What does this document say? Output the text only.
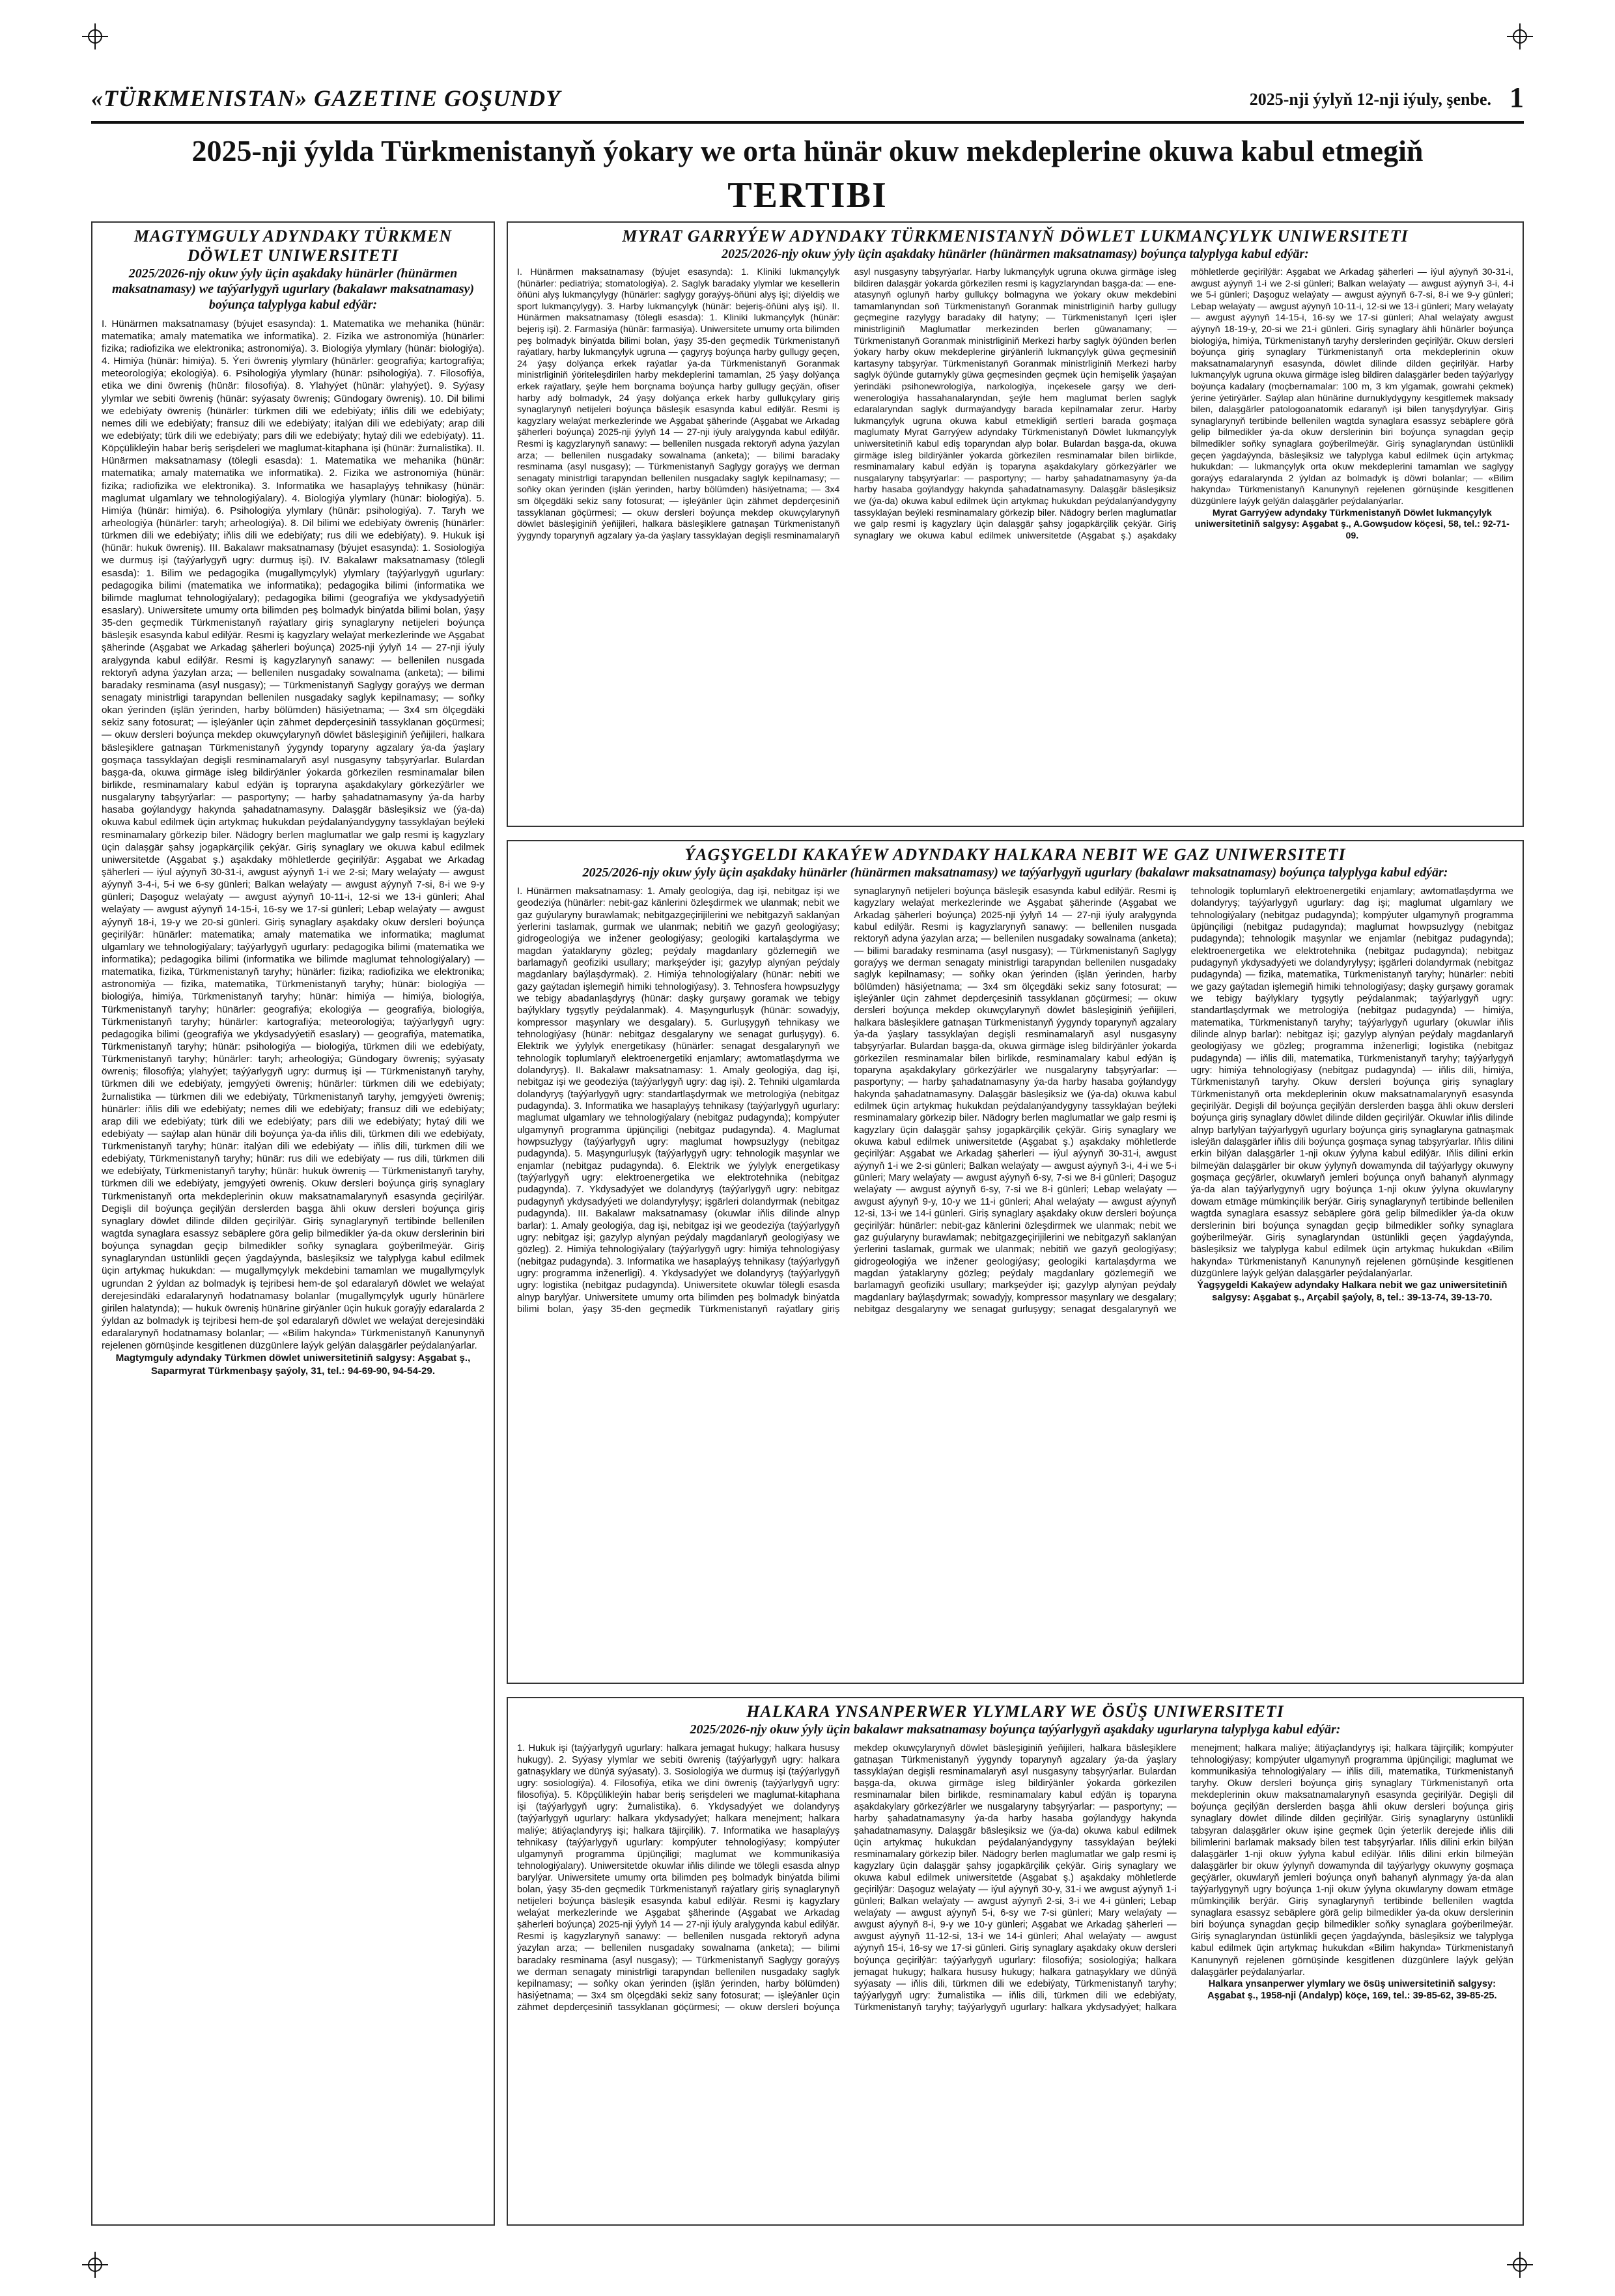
«TÜRKMENISTAN» GAZETINE GOŞUNDY	2025-nji ýylyň 12-nji iýuly, şenbe. 1
2025-nji ýylda Türkmenistanyň ýokary we orta hünär okuw mekdeplerine okuwa kabul etmegiň
TERTIBI
MAGTYMGULY ADYNDAKY TÜRKMEN DÖWLET UNIWERSITETI
2025/2026-njy okuw ýyly üçin aşakdaky hünärler (hünärmen maksatnamasy) we taýýarlygyň ugurlary (bakalawr maksatnamasy) boýunça talyplyga kabul edýär:

I. Hünärmen maksatnamasy (býujet esasynda): 1. Matematika we mehanika (hünär: matematika; amaly matematika we informatika). 2. Fizika we astronomiýa (hünärler: fizika; radiofizika we elektronika; astronomiýa). 3. Biologiýa ylymlary (hünär: biologiýa). 4. Himiýa (hünär: himiýa). 5. Ýeri öwreniş ylymlary (hünärler: geografiýa; kartografiýa; meteorologiýa; ekologiýa). 6. Psihologiýa ylymlary (hünär: psihologiýa). 7. Filosofiýa, etika we dini öwreniş (hünär: filosofiýa). 8. Ylahyýet (hünär: ylahyýet). 9. Syýasy ylymlar we sebiti öwreniş (hünär: syýasaty öwreniş; Gündogary öwreniş). 10. Dil bilimi we edebiýaty öwreniş (hünärler: türkmen dili we edebiýaty; iňlis dili we edebiýaty; nemes dili we edebiýaty; fransuz dili we edebiýaty; italýan dili we edebiýaty; arap dili we edebiýaty; türk dili we edebiýaty; pars dili we edebiýaty; hytaý dili we edebiýaty). 11. Köpçülikleýin habar beriş serişdeleri we maglumat-kitaphana işi (hünär: žurnalistika). II. Hünärmen maksatnamasy (tölegli esasda): 1. Matematika we mehanika (hünär: matematika; amaly matematika we informatika). 2. Fizika we astronomiýa (hünär: fizika; radiofizika we elektronika). 3. Informatika we hasaplaýyş tehnikasy (hünär: maglumat ulgamlary we tehnologiýalary). 4. Biologiýa ylymlary (hünär: biologiýa). 5. Himiýa (hünär: himiýa). 6. Psihologiýa ylymlary (hünär: psihologiýa). 7. Taryh we arheologiýa (hünärler: taryh; arheologiýa). 8. Dil bilimi we edebiýaty öwreniş (hünärler: türkmen dili we edebiýaty; iňlis dili we edebiýaty; rus dili we edebiýaty). 9. Hukuk işi (hünär: hukuk öwreniş). III. Bakalawr maksatnamasy (býujet esasynda): 1. Sosiologiýa we durmuş işi (taýýarlygyň ugry: durmuş işi). IV. Bakalawr maksatnamasy (tölegli esasda): 1. Bilim we pedagogika (mugallymçylyk) ylymlary (taýýarlygyň ugurlary: pedagogika bilimi (matematika we informatika); pedagogika bilimi (informatika we bilimde maglumat tehnologiýalary); pedagogika bilimi (geografiýa we ykdysadyýetiň esaslary). Uniwersitete umumy orta bilimden peş bolmadyk binýatda bilimi bolan, ýaşy 35-den geçmedik Türkmenistanyň raýatlary giriş synaglaryny netijeleri boýunça bäsleşik esasynda kabul edilýär. Resmi iş kagyzlary welaýat merkezlerinde we Aşgabat şäherinde (Aşgabat we Arkadag şäherleri boýunça) 2025-nji ýylyň 14 — 27-nji iýuly aralygynda kabul edilýär. Resmi iş kagyzlarynyň sanawy: — bellenilen nusgada rektoryň adyna ýazylan arza; — bellenilen nusgadaky sowalnama (anketa); — bilimi baradaky resminama (asyl nusgasy); — Türkmenistanyň Saglygy goraýyş we derman senagaty ministrligi tarapyndan bellenilen nusgadaky saglyk kepilnamasy; — soňky okan ýerinden (işlän ýerinden, harby bölümden) häsiýetnama; — 3x4 sm ölçegdäki sekiz sany fotosurat; — işleýänler üçin zähmet depderçesiniň tassyklanan göçürmesi; — okuw dersleri boýunça mekdep okuwçylarynyň döwlet bäsleşiginiň ýeňijileri, halkara bäsleşiklere gatnaşan Türkmenistanyň ýygyndy toparyny agzalary ýa-da ýaşlary goşmaça tassyklaýan degişli resminamalaryň asyl nusgasyny tabşyrýarlar. Bulardan başga-da, okuwa girmäge isleg bildirýänler ýokarda görkezilen resminamalar bilen birlikde, resminamalary kabul edýän iş topraryna aşakdakylary görkezýärler we nusgalaryny tabşyrýarlar: — pasportyny; — harby şahadatnamasyny ýa-da harby hasaba goýlandygy hakynda şahadatnamasyny. Dalaşgär bäsleşiksiz we (ýa-da) okuwa kabul edilmek üçin artykmaç hukukdan peýdalanýandygyny tassyklaýan beýleki resminamalary görkezip biler. Nädogry berlen maglumatlar we galp resmi iş kagyzlary üçin dalaşgär şahsy jogapkärçilik çekýär. Giriş synaglary we okuwa kabul edilmek uniwersitetde (Aşgabat ş.) aşakdaky möhletlerde geçirilýär: Aşgabat we Arkadag şäherleri — iýul aýynyň 30-31-i, awgust aýynyň 1-i we 2-si; Mary welaýaty — awgust aýynyň 3-4-i, 5-i we 6-sy günleri; Balkan welaýaty — awgust aýynyň 7-si, 8-i we 9-y günleri; Daşoguz welaýaty — awgust aýynyň 10-11-i, 12-si we 13-i günleri; Ahal welaýaty — awgust aýynyň 14-15-i, 16-sy we 17-si günleri; Lebap welaýaty — awgust aýynyň 18-i, 19-y we 20-si günleri. Giriş synaglary aşakdaky okuw dersleri boýunça geçirilýär: hünärler: matematika; amaly matematika we informatika; maglumat ulgamlary we tehnologiýalary; taýýarlygyň ugurlary: pedagogika bilimi (matematika we informatika); pedagogika bilimi (informatika we bilimde maglumat tehnologiýalary) — matematika, fizika, Türkmenistanyň taryhy; hünärler: fizika; radiofizika we elektronika; astronomiýa — fizika, matematika, Türkmenistanyň taryhy; hünär: biologiýa — biologiýa, himiýa, Türkmenistanyň taryhy; hünär: himiýa — himiýa, biologiýa, Türkmenistanyň taryhy; hünärler: geografiýa; ekologiýa — geografiýa, biologiýa, Türkmenistanyň taryhy; hünärler: kartografiýa; meteorologiýa; taýýarlygyň ugry: pedagogika bilimi (geografiýa we ykdysadyýetiň esaslary) — geografiýa, matematika, Türkmenistanyň taryhy; hünär: psihologiýa — biologiýa, türkmen dili we edebiýaty, Türkmenistanyň taryhy; hünärler: taryh; arheologiýa; Gündogary öwreniş; syýasaty öwreniş; filosofiýa; ylahyýet; taýýarlygyň ugry: durmuş işi — Türkmenistanyň taryhy, türkmen dili we edebiýaty, jemgyýeti öwreniş; hünärler: türkmen dili we edebiýaty; žurnalistika — türkmen dili we edebiýaty, Türkmenistanyň taryhy, jemgyýeti öwreniş; hünärler: iňlis dili we edebiýaty; nemes dili we edebiýaty; fransuz dili we edebiýaty; arap dili we edebiýaty; türk dili we edebiýaty; pars dili we edebiýaty; hytaý dili we edebiýaty — saýlap alan hünär dili boýunça ýa-da iňlis dili, türkmen dili we edebiýaty, Türkmenistanyň taryhy; hünär: italýan dili we edebiýaty — iňlis dili, türkmen dili we edebiýaty, Türkmenistanyň taryhy; hünär: rus dili we edebiýaty — rus dili, türkmen dili we edebiýaty, Türkmenistanyň taryhy; hünär: hukuk öwreniş — Türkmenistanyň taryhy, türkmen dili we edebiýaty, jemgyýeti öwreniş. Okuw dersleri boýunça giriş synaglary Türkmenistanyň orta mekdeplerinin okuw maksatnamalarynyň esasynda geçirilýär. Degişli dil boýunça geçilýän derslerden başga ähli okuw dersleri boýunça giriş synaglary döwlet dilinde dilden geçirilýär. Giriş synaglarynyň tertibinde bellenilen wagtda synaglara esassyz sebäplere göra gelip bilmedikler ýa-da okuw derslerinin biri boýunça synagdan geçip bilmedikler soňky synaglara goýberilmeýär. Giriş synaglaryndan üstünlikli geçen ýagdaýynda, bäsleşiksiz we talyplyga kabul edilmek üçin artykmaç hukukdan: — mugallymçylyk mekdebini tamamlan we mugallymçylyk ugrundan 2 ýyldan az bolmadyk iş tejribesi hem-de şol edaralaryň döwlet we welaýat derejesindäki edaralarynyň hodatnamasy bolanlar (mugallymçylyk ugurly hünärlere girilen halatynda); — hukuk öwreniş hünärine girýänler üçin hukuk goraýjy edaralarda 2 ýyldan az bolmadyk iş tejribesi hem-de şol edaralaryň döwlet we welaýat derejesindäki edaralarynyň hodatnamasy bolanlar; — «Bilim hakynda» Türkmenistanyň Kanunynyň rejelenen görnüşinde kesgitlenen düzgünlere laýyk gelýän dalaşgärler peýdalanýarlar.

Magtymguly adyndaky Türkmen döwlet uniwersitetiniň salgysy: Aşgabat ş., Saparmyrat Türkmenbaşy şaýoly, 31, tel.: 94-69-90, 94-54-29.

MYRAT GARRYÝEW ADYNDAKY TÜRKMENISTANYŇ DÖWLET LUKMANÇYLYK UNIWERSITETI
2025/2026-njy okuw ýyly üçin aşakdaky hünärler (hünärmen maksatnamasy) boýunça talyplyga kabul edýär:

I. Hünärmen maksatnamasy (býujet esasynda): 1. Kliniki lukmançylyk (hünärler: pediatriýa; stomatologiýa). 2. Saglyk baradaky ylymlar we kesellerin öňüni alyş lukmançylygy (hünärler: saglygy goraýyş-öňüni alyş işi; diýeldiş we sport lukmançylygy). 3. Harby lukmançylyk (hünär: bejeriş-öňüni alyş işi). II. Hünärmen maksatnamasy (tölegli esasda): 1. Kliniki lukmançylyk (hünär: bejeriş işi). 2. Farmasiýa (hünär: farmasiýa). Uniwersitete umumy orta bilimden peş bolmadyk binýatda bilimi bolan, ýaşy 35-den geçmedik Türkmenistanyň raýatlary, harby lukmançylyk ugruna — çagyryş boýunça harby gullugy geçen, 24 ýaşy dolýança erkek raýatlar ýa-da Türkmenistanyň Goranmak ministrliginiň ýöriteleşdirilen harby mekdeplerini tamamlan, 25 ýaşy dolýança erkek raýatlary, şeýle hem borçnama boýunça harby gullugy geçýän, ofiser harby adý bolmadyk, 24 ýaşy dolýança erkek harby gullukçylary giriş synaglarynyň netijeleri boýunça bäsleşik esasynda kabul edilýär. Resmi iş kagyzlary welaýat merkezlerinde we Aşgabat şäherinde (Aşgabat we Arkadag şäherleri boýunça) 2025-nji ýylyň 14 — 27-nji iýuly aralygynda kabul edilýär. Resmi iş kagyzlarynyň sanawy: — bellenilen nusgada rektoryň adyna ýazylan arza; — bellenilen nusgadaky sowalnama (anketa); — bilimi baradaky resminama (asyl nusgasy); — Türkmenistanyň Saglygy goraýyş we derman senagaty ministrligi tarapyndan bellenilen nusgadaky saglyk kepilnamasy; — soňky okan ýerinden (işlän ýerinden, harby bölümden) häsiýetnama; — 3x4 sm ölçegdäki sekiz sany fotosurat; — işleýänler üçin zähmet depderçesiniň tassyklanan göçürmesi; — okuw dersleri boýunça mekdep okuwçylarynyň döwlet bäsleşiginiň ýeňijileri, halkara bäsleşiklere gatnaşan Türkmenistanyň ýygyndy toparynyň agzalary ýa-da ýaşlary tassyklaýan degişli resminamalaryň asyl nusgasyny tabşyrýarlar. Harby lukmançylyk ugruna okuwa girmäge isleg bildiren dalaşgär ýokarda görkezilen resmi iş kagyzlaryndan başga-da: — ene-atasynyň oglunyň harby gullukçy bolmagyna we ýokary okuw mekdebini tamamlanyndan soň Türkmenistanyň Goranmak ministrliginiň harby gullugy geçmegine razylygy baradaky dil hatyny; — Türkmenistanyň Içeri işler ministrliginiň Maglumatlar merkezinden berlen güwanamany; — Türkmenistanyň Goranmak ministrliginiň Merkezi harby saglyk öýünden berlen ýokary harby okuw mekdeplerine girýänleriň lukmançylyk güwa geçmesiniň kartasyny tabşyrýar. Türkmenistanyň Goranmak ministrliginiň Merkezi harby saglyk öýünde gutarnykly güwa geçmesinden geçmek üçin hemişelik ýaşaýan ýerindäki psihonewrologiýa, narkologiýa, inçekesele garşy we deri-wenerologiýa hassahanalaryndan, şeýle hem maglumat berlen saglyk edaralaryndan saglyk durmaýandygy barada kepilnamalar zerur. Harby lukmançylyk ugruna okuwa kabul etmekligiň sertleri barada goşmaça maglumaty Myrat Garryýew adyndaky Türkmenistanyň Döwlet lukmançylyk uniwersitetiniň kabul ediş toparyndan alyp bolar. Bulardan başga-da, okuwa girmäge isleg bildirýänler ýokarda görkezilen resminamalar bilen birlikde, resminamalary kabul edýän iş toparyna aşakdakylary görkezýärler we nusgalaryny tabşyrýarlar: — pasportyny; — harby şahadatnamasyny ýa-da harby hasaba goýlandygy hakynda şahadatnamasyny. Dalaşgär bäsleşiksiz we (ýa-da) okuwa kabul edilmek üçin artykmaç hukukdan peýdalanýandygyny tassyklaýan beýleki resminamalary görkezip biler. Nädogry berlen maglumatlar we galp resmi iş kagyzlary üçin dalaşgär şahsy jogapkärçilik çekýär. Giriş synaglary we okuwa kabul edilmek uniwersitetde (Aşgabat ş.) aşakdaky möhletlerde geçirilýär: Aşgabat we Arkadag şäherleri — iýul aýynyň 30-31-i, awgust aýynyň 1-i we 2-si günleri; Balkan welaýaty — awgust aýynyň 3-i, 4-i we 5-i günleri; Daşoguz welaýaty — awgust aýynyň 6-7-si, 8-i we 9-y günleri; Lebap welaýaty — awgust aýynyň 10-11-i, 12-si we 13-i günleri; Mary welaýaty — awgust aýynyň 14-15-i, 16-sy we 17-si günleri; Ahal welaýaty awgust aýynyň 18-19-y, 20-si we 21-i günleri. Giriş synaglary ähli hünärler boýunça biologiýa, himiýa, Türkmenistanyň taryhy derslerinden geçirilýär. Okuw dersleri boýunça giriş synaglary Türkmenistanyň orta mekdeplerinin okuw maksatnamalarynyň esasynda, döwlet dilinde dilden geçirilýär. Harby lukmançylyk ugruna okuwa girmäge isleg bildiren dalaşgärler beden taýýarlygy boýunça kadalary (moçbernamalar: 100 m, 3 km ylgamak, gowrahi çekmek) ýerine ýetirýärler. Saýlap alan hünärine durnuklydygyny kesgitlemek maksady bilen, dalaşgärler patologoanatomik edaranyň işi bilen tanyşdyrylýar. Giriş synaglarynyň tertibinde bellenilen wagtda synaglara esassyz sebäplere görä gelip bilmedikler ýa-da okuw derslerinin biri boýunça synagdan geçip bilmedikler soňky synaglara goýberilmeýär. Giriş synaglaryndan üstünlikli geçen ýagdaýynda, bäsleşiksiz we talyplyga kabul edilmek üçin artykmaç hukukdan: — lukmançylyk orta okuw mekdeplerini tamamlan we saglygy goraýyş edaralarynda 2 ýyldan az bolmadyk iş döwri bolanlar; — «Bilim hakynda» Türkmenistanyň Kanunynyň rejelenen görnüşinde kesgitlenen düzgünlere laýyk gelýän dalaşgärler peýdalanýarlar.

Myrat Garryýew adyndaky Türkmenistanyň Döwlet lukmançylyk uniwersitetiniň salgysy: Aşgabat ş., A.Gowşudow köçesi, 58, tel.: 92-71-09.

ÝAGŞYGELDI KAKAÝEW ADYNDAKY HALKARA NEBIT WE GAZ UNIWERSITETI
2025/2026-njy okuw ýyly üçin aşakdaky hünärler (hünärmen maksatnamasy) we taýýarlygyň ugurlary (bakalawr maksatnamasy) boýunça talyplyga kabul edýär:

I. Hünärmen maksatnamasy: 1. Amaly geologiýa, dag işi, nebitgaz işi we geodeziýa (hünärler: nebit-gaz känlerini özleşdirmek we ulanmak; nebit we gaz guýularyny burawlamak; nebitgazgeçirijilerini we nebitgazyň saklanýan ýerlerini taslamak, gurmak we ulanmak; nebitiň we gazyň geologiýasy; gidrogeologiýa we inžener geologiýasy; geologiki kartalaşdyrma we magdan ýataklaryny gözleg; peýdaly magdanlary gözlemegiň we barlamagyň geofiziki usullary; markşeýder işi; gazylyp alynýan peýdaly magdanlary baýlaşdyrmak). 2. Himiýa tehnologiýalary (hünär: nebiti we gazy gaýtadan işlemegiň himiki tehnologiýasy). 3. Tehnosfera howpsuzlygy we tebigy abadanlaşdyryş (hünär: daşky gurşawy goramak we tebigy baýlyklary tygşytly peýdalanmak). 4. Maşyngurluşyk (hünär: sowadyjy, kompressor maşynlary we desgalary). 5. Gurluşygyň tehnikasy we tehnologiýasy (hünär: nebitgaz desgalaryny we senagat gurluşygy). 6. Elektrik we ýylylyk energetikasy (hünärler: senagat desgalarynyň we tehnologik toplumlaryň elektroenergetiki enjamlary; awtomatlaşdyrma we dolandyryş). II. Bakalawr maksatnamasy: 1. Amaly geologiýa, dag işi, nebitgaz işi we geodeziýa (taýýarlygyň ugry: dag işi). 2. Tehniki ulgamlarda dolandyryş (taýýarlygyň ugry: standartlaşdyrmak we metrologiýa (nebitgaz pudagynda). 3. Informatika we hasaplaýyş tehnikasy (taýýarlygyň ugurlary: maglumat ulgamlary we tehnologiýalary (nebitgaz pudagynda); kompýuter ulgamynyň programma üpjünçiligi (nebitgaz pudagynda). 4. Maglumat howpsuzlygy (taýýarlygyň ugry: maglumat howpsuzlygy (nebitgaz pudagynda). 5. Maşyngurluşyk (taýýarlygyň ugry: tehnologik maşynlar we enjamlar (nebitgaz pudagynda). 6. Elektrik we ýylylyk energetikasy (taýýarlygyň ugry: elektroenergetika we elektrotehnika (nebitgaz pudagynda). 7. Ykdysadyýet we dolandyryş (taýýarlygyň ugry: nebitgaz pudagynyň ykdysadyýeti we dolandyrylyşy; işgärleri dolandyrmak (nebitgaz pudagynda). III. Bakalawr maksatnamasy (okuwlar iňlis dilinde alnyp barlar): 1. Amaly geologiýa, dag işi, nebitgaz işi we geodeziýa (taýýarlygyň ugry: nebitgaz işi; gazylyp alynýan peýdaly magdanlaryň geologiýasy we gözleg). 2. Himiýa tehnologiýalary (taýýarlygyň ugry: himiýa tehnologiýasy (nebitgaz pudagynda). 3. Informatika we hasaplaýyş tehnikasy (taýýarlygyň ugry: programma inženerligi). 4. Ykdysadyýet we dolandyryş (taýýarlygyň ugry: logistika (nebitgaz pudagynda). Uniwersitete okuwlar tölegli esasda alnyp barylýar. Uniwersitete umumy orta bilimden peş bolmadyk binýatda bilimi bolan, ýaşy 35-den geçmedik Türkmenistanyň raýatlary giriş synaglarynyň netijeleri boýunça bäsleşik esasynda kabul edilýär. Resmi iş kagyzlary welaýat merkezlerinde we Aşgabat şäherinde (Aşgabat we Arkadag şäherleri boýunça) 2025-nji ýylyň 14 — 27-nji iýuly aralygynda kabul edilýär. Resmi iş kagyzlarynyň sanawy: — bellenilen nusgada rektoryň adyna ýazylan arza; — bellenilen nusgadaky sowalnama (anketa); — bilimi baradaky resminama (asyl nusgasy); — Türkmenistanyň Saglygy goraýyş we derman senagaty ministrligi tarapyndan bellenilen nusgadaky saglyk kepilnamasy; — soňky okan ýerinden (işlän ýerinden, harby bölümden) häsiýetnama; — 3x4 sm ölçegdäki sekiz sany fotosurat; — işleýänler üçin zähmet depderçesiniň tassyklanan göçürmesi; — okuw dersleri boýunça mekdep okuwçylarynyň döwlet bäsleşiginiň ýeňijileri, halkara bäsleşiklere gatnaşan Türkmenistanyň ýygyndy toparynyň agzalary ýa-da ýaşlary tassyklaýan degişli resminamalaryň asyl nusgasyny tabşyrýarlar. Bulardan başga-da, okuwa girmäge isleg bildirýänler ýokarda görkezilen resminamalar bilen birlikde, resminamalary kabul edýän iş toparyna aşakdakylary görkezýärler we nusgalaryny tabşyrýarlar: — pasportyny; — harby şahadatnamasyny ýa-da harby hasaba goýlandygy hakynda şahadatnamasyny. Dalaşgär bäsleşiksiz we (ýa-da) okuwa kabul edilmek üçin artykmaç hukukdan peýdalanýandygyny tassyklaýan beýleki resminamalary görkezip biler. Nädogry berlen maglumatlar we galp resmi iş kagyzlary üçin dalaşgär şahsy jogapkärçilik çekýär. Giriş synaglary we okuwa kabul edilmek uniwersitetde (Aşgabat ş.) aşakdaky möhletlerde geçirilýär: Aşgabat we Arkadag şäherleri — iýul aýynyň 30-31-i, awgust aýynyň 1-i we 2-si günleri; Balkan welaýaty — awgust aýynyň 3-i, 4-i we 5-i günleri; Mary welaýaty — awgust aýynyň 6-sy, 7-si we 8-i günleri; Daşoguz welaýaty — awgust aýynyň 6-sy, 7-si we 8-i günleri; Lebap welaýaty — awgust aýynyň 9-y, 10-y we 11-i günleri; Ahal welaýaty — awgust aýynyň 12-si, 13-i we 14-i günleri. Giriş synaglary aşakdaky okuw dersleri boýunça geçirilýär: hünärler: nebit-gaz känlerini özleşdirmek we ulanmak; nebit we gaz guýularyny burawlamak; nebitgazgeçirijilerini we nebitgazyň saklanýan ýerlerini taslamak, gurmak we ulanmak; nebitiň we gazyň geologiýasy; gidrogeologiýa we inžener geologiýasy; geologiki kartalaşdyrma we magdan ýataklaryny gözleg; peýdaly magdanlary gözlemegiň we barlamagyň geofiziki usullary; markşeýder işi; gazylyp alynýan peýdaly magdanlary baýlaşdyrmak; sowadyjy, kompressor maşynlary we desgalary; nebitgaz desgalaryny we senagat gurluşygy; senagat desgalarynyň we tehnologik toplumlaryň elektroenergetiki enjamlary; awtomatlaşdyrma we dolandyryş; taýýarlygyň ugurlary: dag işi; maglumat ulgamlary we tehnologiýalary (nebitgaz pudagynda); kompýuter ulgamynyň programma üpjünçiligi (nebitgaz pudagynda); maglumat howpsuzlygy (nebitgaz pudagynda); tehnologik maşynlar we enjamlar (nebitgaz pudagynda); elektroenergetika we elektrotehnika (nebitgaz pudagynda); nebitgaz pudagynyň ykdysadyýeti we dolandyrylyşy; işgärleri dolandyrmak (nebitgaz pudagynda) — fizika, matematika, Türkmenistanyň taryhy; hünärler: nebiti we gazy gaýtadan işlemegiň himiki tehnologiýasy; daşky gurşawy goramak we tebigy baýlyklary tygşytly peýdalanmak; taýýarlygyň ugry: standartlaşdyrmak we metrologiýa (nebitgaz pudagynda) — himiýa, matematika, Türkmenistanyň taryhy; taýýarlygyň ugurlary (okuwlar iňlis dilinde alnyp barlar): nebitgaz işi; gazylyp alynýan peýdaly magdanlaryň geologiýasy we gözleg; programma inženerligi; logistika (nebitgaz pudagynda) — iňlis dili, matematika, Türkmenistanyň taryhy; taýýarlygyň ugry: himiýa tehnologiýasy (nebitgaz pudagynda) — iňlis dili, himiýa, Türkmenistanyň taryhy. Okuw dersleri boýunça giriş synaglary Türkmenistanyň orta mekdeplerinin okuw maksatnamalarynyň esasynda geçirilýär. Degişli dil boýunça geçilýän derslerden başga ähli okuw dersleri boýunça giriş synaglary döwlet dilinde dilden geçirilýär. Okuwlar iňlis dilinde alnyp barlylýan taýýarlygyň ugurlary boýunça giriş synaglaryna gatnaşmak isleýän dalaşgärler iňlis dili boýunça goşmaça synag tabşyrýarlar. Iňlis dilini erkin bilýän dalaşgärler 1-nji okuw ýylyna kabul edilýär. Iňlis dilini erkin bilmeýän dalaşgärler bir okuw ýylynyň dowamynda dil taýýarlygy okuwyny goşmaça geçýärler, okuwlaryň jemleri boýunça onyň bahanyň alynmagy ýa-da alan taýýarlygynyň ugry boýunça 1-nji okuw ýylyna okuwlaryny dowam etmäge mümkinçilik berýär. Giriş synaglarynyň tertibinde bellenilen wagtda synaglara esassyz sebäplere görä gelip bilmedikler ýa-da okuw derslerinin biri boýunça synagdan geçip bilmedikler soňky synaglara goýberilmeýär. Giriş synaglaryndan üstünlikli geçen ýagdaýynda, bäsleşiksiz we talyplyga kabul edilmek üçin artykmaç hukukdan «Bilim hakynda» Türkmenistanyň Kanunynyň rejelenen görnüşinde kesgitlenen düzgünlere laýyk gelýän dalaşgärler peýdalanýarlar.

Ýagşygeldi Kakaýew adyndaky Halkara nebit we gaz uniwersitetiniň salgysy: Aşgabat ş., Arçabil şaýoly, 8, tel.: 39-13-74, 39-13-70.

HALKARA YNSANPERWER YLYMLARY WE ÖSÜŞ UNIWERSITETI
2025/2026-njy okuw ýyly üçin bakalawr maksatnamasy boýunça taýýarlygyň aşakdaky ugurlaryna talyplyga kabul edýär:

1. Hukuk işi (taýýarlygyň ugurlary: halkara jemagat hukugy; halkara hususy hukugy). 2. Syýasy ylymlar we sebiti öwreniş (taýýarlygyň ugry: halkara gatnaşyklary we dünýä syýasaty). 3. Sosiologiýa we durmuş işi (taýýarlygyň ugry: sosiologiýa). 4. Filosofiýa, etika we dini öwreniş (taýýarlygyň ugry: filosofiýa). 5. Köpçülikleýin habar beriş serişdeleri we maglumat-kitaphana işi (taýýarlygyň ugry: žurnalistika). 6. Ykdysadyýet we dolandyryş (taýýarlygyň ugurlary: halkara ykdysadyýet; halkara menejment; halkara maliýe; ätiýaçlandyryş işi; halkara täjirçilik). 7. Informatika we hasaplaýyş tehnikasy (taýýarlygyň ugurlary: kompýuter tehnologiýasy; kompýuter ulgamynyň programma üpjünçiligi; maglumat we kommunikasiýa tehnologiýalary). Uniwersitetde okuwlar iňlis dilinde we tölegli esasda alnyp barylýar. Uniwersitete umumy orta bilimden peş bolmadyk binýatda bilimi bolan, ýaşy 35-den geçmedik Türkmenistanyň raýatlary giriş synaglarynyň netijeleri boýunça bäsleşik esasynda kabul edilýär. Resmi iş kagyzlary welaýat merkezlerinde we Aşgabat şäherinde (Aşgabat we Arkadag şäherleri boýunça) 2025-nji ýylyň 14 — 27-nji iýuly aralygynda kabul edilýär. Resmi iş kagyzlarynyň sanawy: — bellenilen nusgada rektoryň adyna ýazylan arza; — bellenilen nusgadaky sowalnama (anketa); — bilimi baradaky resminama (asyl nusgasy); — Türkmenistanyň Saglygy goraýyş we derman senagaty ministrligi tarapyndan bellenilen nusgadaky saglyk kepilnamasy; — soňky okan ýerinden (işlän ýerinden, harby bölümden) häsiýetnama; — 3x4 sm ölçegdäki sekiz sany fotosurat; — işleýänler üçin zähmet depderçesiniň tassyklanan göçürmesi; — okuw dersleri boýunça mekdep okuwçylarynyň döwlet bäsleşiginiň ýeňijileri, halkara bäsleşiklere gatnaşan Türkmenistanyň ýygyndy toparynyň agzalary ýa-da ýaşlary tassyklaýan degişli resminamalaryň asyl nusgasyny tabşyrýarlar. Bulardan başga-da, okuwa girmäge isleg bildirýänler ýokarda görkezilen resminamalar bilen birlikde, resminamalary kabul edýän iş toparyna aşakdakylary görkezýärler we nusgalaryny tabşyrýarlar: — pasportyny; — harby şahadatnamasyny ýa-da harby hasaba goýlandygy hakynda şahadatnamasyny. Dalaşgär bäsleşiksiz we (ýa-da) okuwa kabul edilmek üçin artykmaç hukukdan peýdalanýandygyny tassyklaýan beýleki resminamalary görkezip biler. Nädogry berlen maglumatlar we galp resmi iş kagyzlary üçin dalaşgär şahsy jogapkärçilik çekýär. Giriş synaglary we okuwa kabul edilmek uniwersitetde (Aşgabat ş.) aşakdaky möhletlerde geçirilýär: Daşoguz welaýaty — iýul aýynyň 30-y, 31-i we awgust aýynyň 1-i günleri; Balkan welaýaty — awgust aýynyň 2-si, 3-i we 4-i günleri; Lebap welaýaty — awgust aýynyň 5-i, 6-sy we 7-si günleri; Mary welaýaty — awgust aýynyň 8-i, 9-y we 10-y günleri; Aşgabat we Arkadag şäherleri — awgust aýynyň 11-12-si, 13-i we 14-i günleri; Ahal welaýaty — awgust aýynyň 15-i, 16-sy we 17-si günleri. Giriş synaglary aşakdaky okuw dersleri boýunça geçirilýär: taýýarlygyň ugurlary: filosofiýa; sosiologiýa; halkara jemagat hukugy; halkara hususy hukugy; halkara gatnaşyklary we dünýä syýasaty — iňlis dili, türkmen dili we edebiýaty, Türkmenistanyň taryhy; taýýarlygyň ugry: žurnalistika — iňlis dili, türkmen dili we edebiýaty, Türkmenistanyň taryhy; taýýarlygyň ugurlary: halkara ykdysadyýet; halkara menejment; halkara maliýe; ätiýaçlandyryş işi; halkara täjirçilik; kompýuter tehnologiýasy; kompýuter ulgamynyň programma üpjünçiligi; maglumat we kommunikasiýa tehnologiýalary — iňlis dili, matematika, Türkmenistanyň taryhy. Okuw dersleri boýunça giriş synaglary Türkmenistanyň orta mekdeplerinin okuw maksatnamalarynyň esasynda geçirilýär. Degişli dil boýunça geçilýän derslerden başga ähli okuw dersleri boýunça giriş synaglary döwlet dilinde dilden geçirilýär. Giriş synaglaryny üstünlikli tabşyran dalaşgärler okuw işine geçmek üçin ýeterlik derejede iňlis dili bilimlerini barlamak maksady bilen test tabşyrýarlar. Iňlis dilini erkin bilýän dalaşgärler 1-nji okuw ýylyna kabul edilýär. Iňlis dilini erkin bilmeýän dalaşgärler bir okuw ýylynyň dowamynda dil taýýarlygy okuwyny goşmaça geçýärler, okuwlaryň jemleri boýunça onyň bahanyň alynmagy ýa-da alan taýýarlygynyň ugry boýunça 1-nji okuw ýylyna okuwlaryny dowam etmäge mümkinçilik berýär. Giriş synaglarynyň tertibinde bellenilen wagtda synaglara esassyz sebäplere görä gelip bilmedikler ýa-da okuw derslerinin biri boýunça synagdan geçip bilmedikler soňky synaglara goýberilmeýär. Giriş synaglaryndan üstünlikli geçen ýagdaýynda, bäsleşiksiz we talyplyga kabul edilmek üçin artykmaç hukukdan «Bilim hakynda» Türkmenistanyň Kanunynyň rejelenen görnüşinde kesgitlenen düzgünlere laýyk gelýän dalaşgärler peýdalanýarlar.

Halkara ynsanperwer ylymlary we ösüş uniwersitetiniň salgysy: Aşgabat ş., 1958-nji (Andalyp) köçe, 169, tel.: 39-85-62, 39-85-25.
